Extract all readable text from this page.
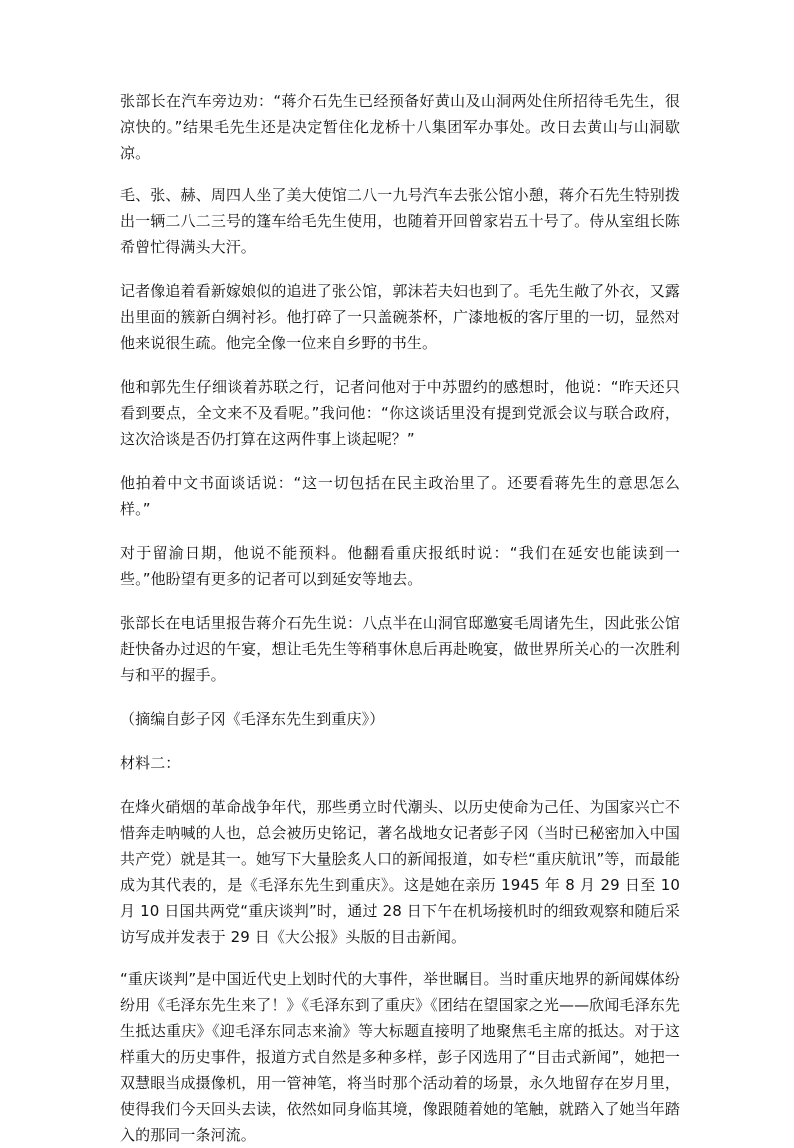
张部长在汽车旁边劝：“蒋介石先生已经预备好黄山及山洞两处住所招待毛先生，很凉快的。”结果毛先生还是决定暂住化龙桥十八集团军办事处。改日去黄山与山洞歇凉。

毛、张、赫、周四人坐了美大使馆二八一九号汽车去张公馆小憩，蒋介石先生特别拨出一辆二八二三号的篷车给毛先生使用，也随着开回曾家岩五十号了。侍从室组长陈希曾忙得满头大汗。

记者像追着看新嫁娘似的追进了张公馆，郭沫若夫妇也到了。毛先生敞了外衣，又露出里面的簇新白绸衬衫。他打碎了一只盖碗茶杯，广漆地板的客厅里的一切，显然对他来说很生疏。他完全像一位来自乡野的书生。

他和郭先生仔细谈着苏联之行，记者问他对于中苏盟约的感想时，他说：“昨天还只看到要点，全文来不及看呢。”我问他：“你这谈话里没有提到党派会议与联合政府，这次洽谈是否仍打算在这两件事上谈起呢？”

他拍着中文书面谈话说：“这一切包括在民主政治里了。还要看蒋先生的意思怎么样。”

对于留渝日期，他说不能预料。他翻看重庆报纸时说：“我们在延安也能读到一些。”他盼望有更多的记者可以到延安等地去。

张部长在电话里报告蒋介石先生说：八点半在山洞官邸邀宴毛周诸先生，因此张公馆赶快备办过迟的午宴，想让毛先生等稍事休息后再赴晚宴，做世界所关心的一次胜利与和平的握手。

（摘编自彭子冈《毛泽东先生到重庆》）

材料二：

在烽火硝烟的革命战争年代，那些勇立时代潮头、以历史使命为己任、为国家兴亡不惜奔走呐喊的人也，总会被历史铭记，著名战地女记者彭子冈（当时已秘密加入中国共产党）就是其一。她写下大量脍炙人口的新闻报道，如专栏“重庆航讯”等，而最能成为其代表的，是《毛泽东先生到重庆》。这是她在亲历 1945 年 8 月 29 日至 10 月 10 日国共两党“重庆谈判”时，通过 28 日下午在机场接机时的细致观察和随后采访写成并发表于 29 日《大公报》头版的目击新闻。

“重庆谈判”是中国近代史上划时代的大事件，举世瞩目。当时重庆地界的新闻媒体纷纷用《毛泽东先生来了！》《毛泽东到了重庆》《团结在望国家之光——欣闻毛泽东先生抵达重庆》《迎毛泽东同志来渝》等大标题直接明了地聚焦毛主席的抵达。对于这样重大的历史事件，报道方式自然是多种多样，彭子冈选用了“目击式新闻”，她把一双慧眼当成摄像机，用一管神笔，将当时那个活动着的场景，永久地留存在岁月里，使得我们今天回头去读，依然如同身临其境，像跟随着她的笔触，就踏入了她当年踏入的那同一条河流。
